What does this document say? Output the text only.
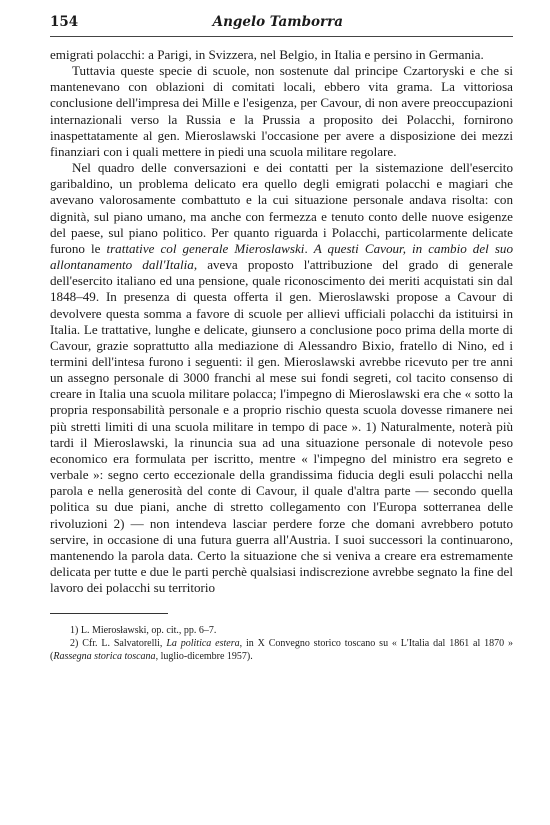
154	Angelo Tamborra

emigrati polacchi: a Parigi, in Svizzera, nel Belgio, in Italia e persino in Germania.

Tuttavia queste specie di scuole, non sostenute dal principe Czartoryski e che si mantenevano con oblazioni di comitati locali, ebbero vita grama. La vittoriosa conclusione dell'impresa dei Mille e l'esigenza, per Cavour, di non avere preoccupazioni internazionali verso la Russia e la Prussia a proposito dei Polacchi, fornirono inaspettatamente al gen. Mieroslawski l'occasione per avere a disposizione dei mezzi finanziari con i quali mettere in piedi una scuola militare regolare.

Nel quadro delle conversazioni e dei contatti per la sistemazione dell'esercito garibaldino, un problema delicato era quello degli emigrati polacchi e magiari che avevano valorosamente combattuto e la cui situazione personale andava risolta: con dignità, sul piano umano, ma anche con fermezza e tenuto conto delle nuove esigenze del paese, sul piano politico. Per quanto riguarda i Polacchi, particolarmente delicate furono le trattative col generale Mieroslawski. A questi Cavour, in cambio del suo allontanamento dall'Italia, aveva proposto l'attribuzione del grado di generale dell'esercito italiano ed una pensione, quale riconoscimento dei meriti acquistati sin dal 1848–49. In presenza di questa offerta il gen. Mieroslawski propose a Cavour di devolvere questa somma a favore di scuole per allievi ufficiali polacchi da istituirsi in Italia. Le trattative, lunghe e delicate, giunsero a conclusione poco prima della morte di Cavour, grazie soprattutto alla mediazione di Alessandro Bixio, fratello di Nino, ed i termini dell'intesa furono i seguenti: il gen. Mieroslawski avrebbe ricevuto per tre anni un assegno personale di 3000 franchi al mese sui fondi segreti, col tacito consenso di creare in Italia una scuola militare polacca; l'impegno di Mieroslawski era che « sotto la propria responsabilità personale e a proprio rischio questa scuola dovesse rimanere nei più stretti limiti di una scuola militare in tempo di pace ». 1) Naturalmente, noterà più tardi il Mieroslawski, la rinuncia sua ad una situazione personale di notevole peso economico era formulata per iscritto, mentre « l'impegno del ministro era segreto e verbale »: segno certo eccezionale della grandissima fiducia degli esuli polacchi nella parola e nella generosità del conte di Cavour, il quale d'altra parte — secondo quella politica su due piani, anche di stretto collegamento con l'Europa sotterranea delle rivoluzioni 2) — non intendeva lasciar perdere forze che domani avrebbero potuto servire, in occasione di una futura guerra all'Austria. I suoi successori la continuarono, mantenendo la parola data. Certo la situazione che si veniva a creare era estremamente delicata per tutte e due le parti perchè qualsiasi indiscrezione avrebbe segnato la fine del lavoro dei polacchi su territorio

1) L. Mierosławski, op. cit., pp. 6–7.

2) Cfr. L. Salvatorelli, La politica estera, in X Convegno storico toscano su « L'Italia dal 1861 al 1870 » (Rassegna storica toscana, luglio-dicembre 1957).
